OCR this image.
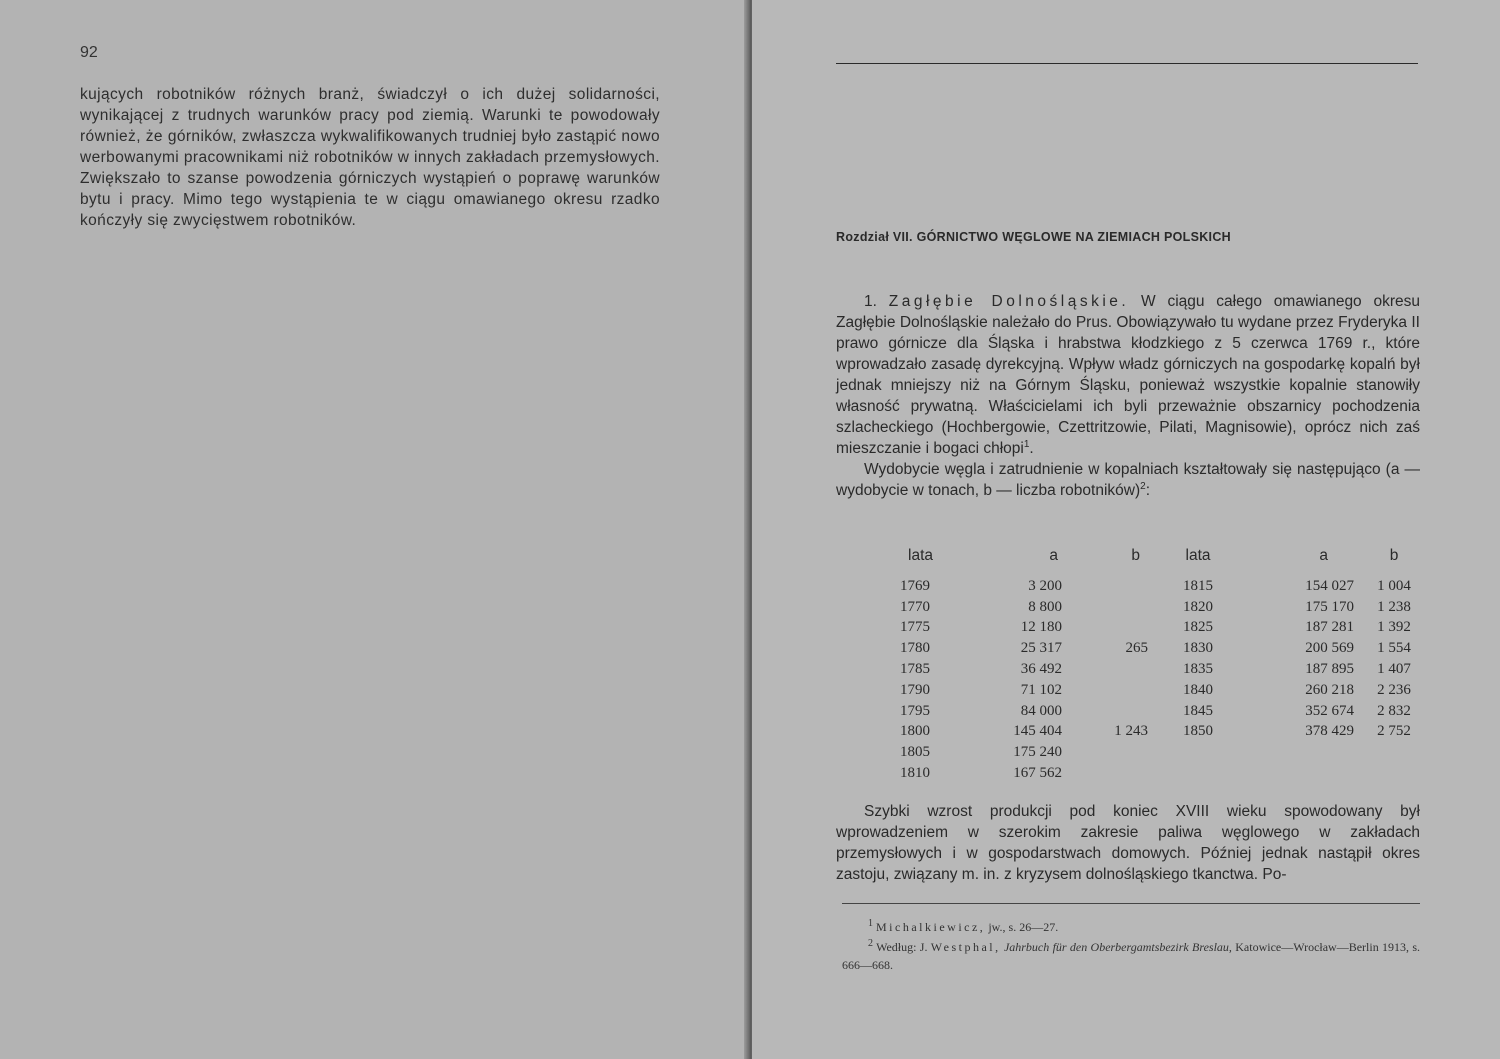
92
kujących robotników różnych branż, świadczył o ich dużej solidarności, wynikającej z trudnych warunków pracy pod ziemią. Warunki te powodowały również, że górników, zwłaszcza wykwalifikowanych trudniej było zastąpić nowo werbowanymi pracownikami niż robotników w innych zakładach przemysłowych. Zwiększało to szanse powodzenia górniczych wystąpień o poprawę warunków bytu i pracy. Mimo tego wystąpienia te w ciągu omawianego okresu rzadko kończyły się zwycięstwem robotników.
Rozdział VII. GÓRNICTWO WĘGLOWE NA ZIEMIACH POLSKICH

1. Zagłębie Dolnośląskie. W ciągu całego omawianego okresu Zagłębie Dolnośląskie należało do Prus. Obowiązywało tu wydane przez Fryderyka II prawo górnicze dla Śląska i hrabstwa kłodzkiego z 5 czerwca 1769 r., które wprowadzało zasadę dyrekcyjną. Wpływ władz górniczych na gospodarkę kopalń był jednak mniejszy niż na Górnym Śląsku, ponieważ wszystkie kopalnie stanowiły własność prywatną. Właścicielami ich byli przeważnie obszarnicy pochodzenia szlacheckiego (Hochbergowie, Czettritzowie, Pilati, Magnisowie), oprócz nich zaś mieszczanie i bogaci chłopi$^1$.

Wydobycie węgla i zatrudnienie w kopalniach kształtowały się następująco (a — wydobycie w tonach, b — liczba robotników)$^2$:

lata	a	b	lata	a	b
1769	3 200		1815	154 027	1 004
1770	8 800		1820	175 170	1 238
1775	12 180		1825	187 281	1 392
1780	25 317	265	1830	200 569	1 554
1785	36 492		1835	187 895	1 407
1790	71 102		1840	260 218	2 236
1795	84 000		1845	352 674	2 832
1800	145 404	1 243	1850	378 429	2 752
1805	175 240				
1810	167 562				

Szybki wzrost produkcji pod koniec XVIII wieku spowodowany był wprowadzeniem w szerokim zakresie paliwa węglowego w zakładach przemysłowych i w gospodarstwach domowych. Później jednak nastąpił okres zastoju, związany m. in. z kryzysem dolnośląskiego tkanctwa. Po-

$^1$ Michalkiewicz, jw., s. 26—27.

$^2$ Według: J. Westphal, Jahrbuch für den Oberbergamtsbezirk Breslau, Katowice—Wrocław—Berlin 1913, s. 666—668.
